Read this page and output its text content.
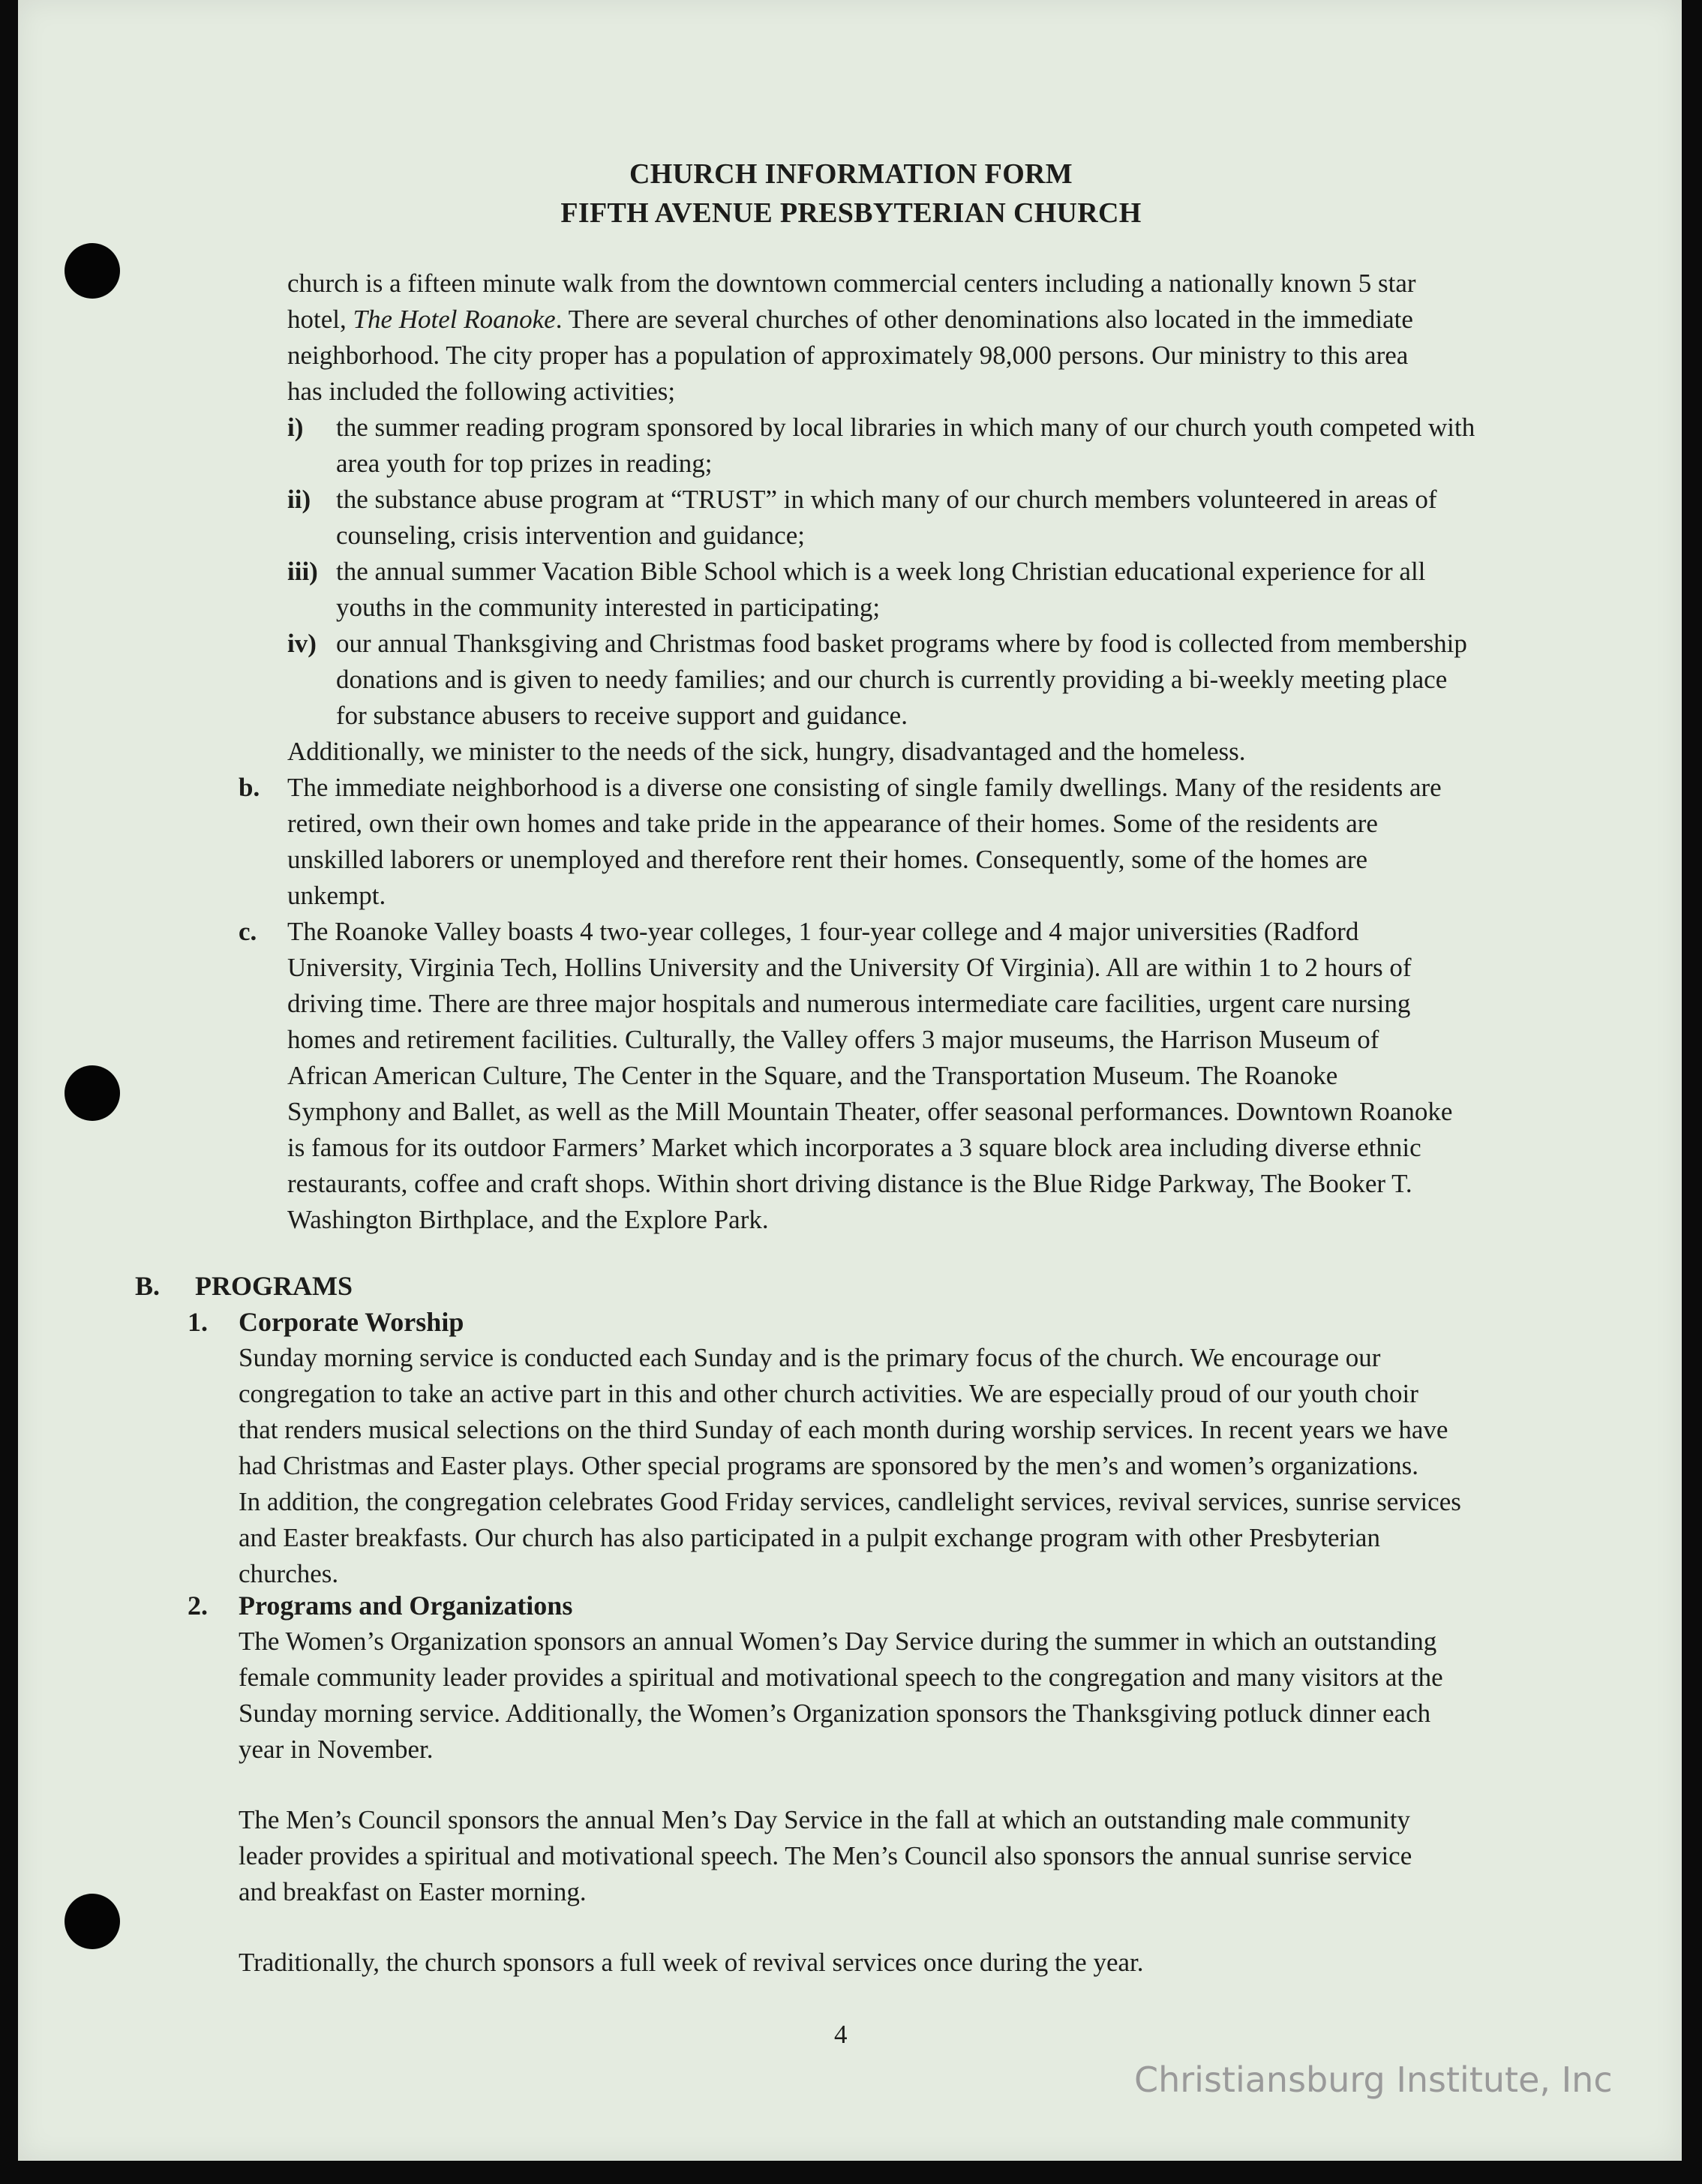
CHURCH INFORMATION FORM
FIFTH AVENUE PRESBYTERIAN CHURCH
church is a fifteen minute walk from the downtown commercial centers including a nationally known 5 star
hotel, The Hotel Roanoke. There are several churches of other denominations also located in the immediate
neighborhood. The city proper has a population of approximately 98,000 persons. Our ministry to this area
has included the following activities;
i) the summer reading program sponsored by local libraries in which many of our church youth competed with
area youth for top prizes in reading;
ii) the substance abuse program at “TRUST” in which many of our church members volunteered in areas of
counseling, crisis intervention and guidance;
iii) the annual summer Vacation Bible School which is a week long Christian educational experience for all
youths in the community interested in participating;
iv) our annual Thanksgiving and Christmas food basket programs where by food is collected from membership
donations and is given to needy families; and our church is currently providing a bi-weekly meeting place
for substance abusers to receive support and guidance.
Additionally, we minister to the needs of the sick, hungry, disadvantaged and the homeless.
b. The immediate neighborhood is a diverse one consisting of single family dwellings. Many of the residents are
retired, own their own homes and take pride in the appearance of their homes. Some of the residents are
unskilled laborers or unemployed and therefore rent their homes. Consequently, some of the homes are
unkempt.
c. The Roanoke Valley boasts 4 two-year colleges, 1 four-year college and 4 major universities (Radford
University, Virginia Tech, Hollins University and the University Of Virginia). All are within 1 to 2 hours of
driving time. There are three major hospitals and numerous intermediate care facilities, urgent care nursing
homes and retirement facilities. Culturally, the Valley offers 3 major museums, the Harrison Museum of
African American Culture, The Center in the Square, and the Transportation Museum. The Roanoke
Symphony and Ballet, as well as the Mill Mountain Theater, offer seasonal performances. Downtown Roanoke
is famous for its outdoor Farmers’ Market which incorporates a 3 square block area including diverse ethnic
restaurants, coffee and craft shops. Within short driving distance is the Blue Ridge Parkway, The Booker T.
Washington Birthplace, and the Explore Park.
B. PROGRAMS
1. Corporate Worship
Sunday morning service is conducted each Sunday and is the primary focus of the church. We encourage our
congregation to take an active part in this and other church activities. We are especially proud of our youth choir
that renders musical selections on the third Sunday of each month during worship services. In recent years we have
had Christmas and Easter plays. Other special programs are sponsored by the men’s and women’s organizations.
In addition, the congregation celebrates Good Friday services, candlelight services, revival services, sunrise services
and Easter breakfasts. Our church has also participated in a pulpit exchange program with other Presbyterian
churches.
2. Programs and Organizations
The Women’s Organization sponsors an annual Women’s Day Service during the summer in which an outstanding
female community leader provides a spiritual and motivational speech to the congregation and many visitors at the
Sunday morning service. Additionally, the Women’s Organization sponsors the Thanksgiving potluck dinner each
year in November.
The Men’s Council sponsors the annual Men’s Day Service in the fall at which an outstanding male community
leader provides a spiritual and motivational speech. The Men’s Council also sponsors the annual sunrise service
and breakfast on Easter morning.
Traditionally, the church sponsors a full week of revival services once during the year.
4
Christiansburg Institute, Inc
